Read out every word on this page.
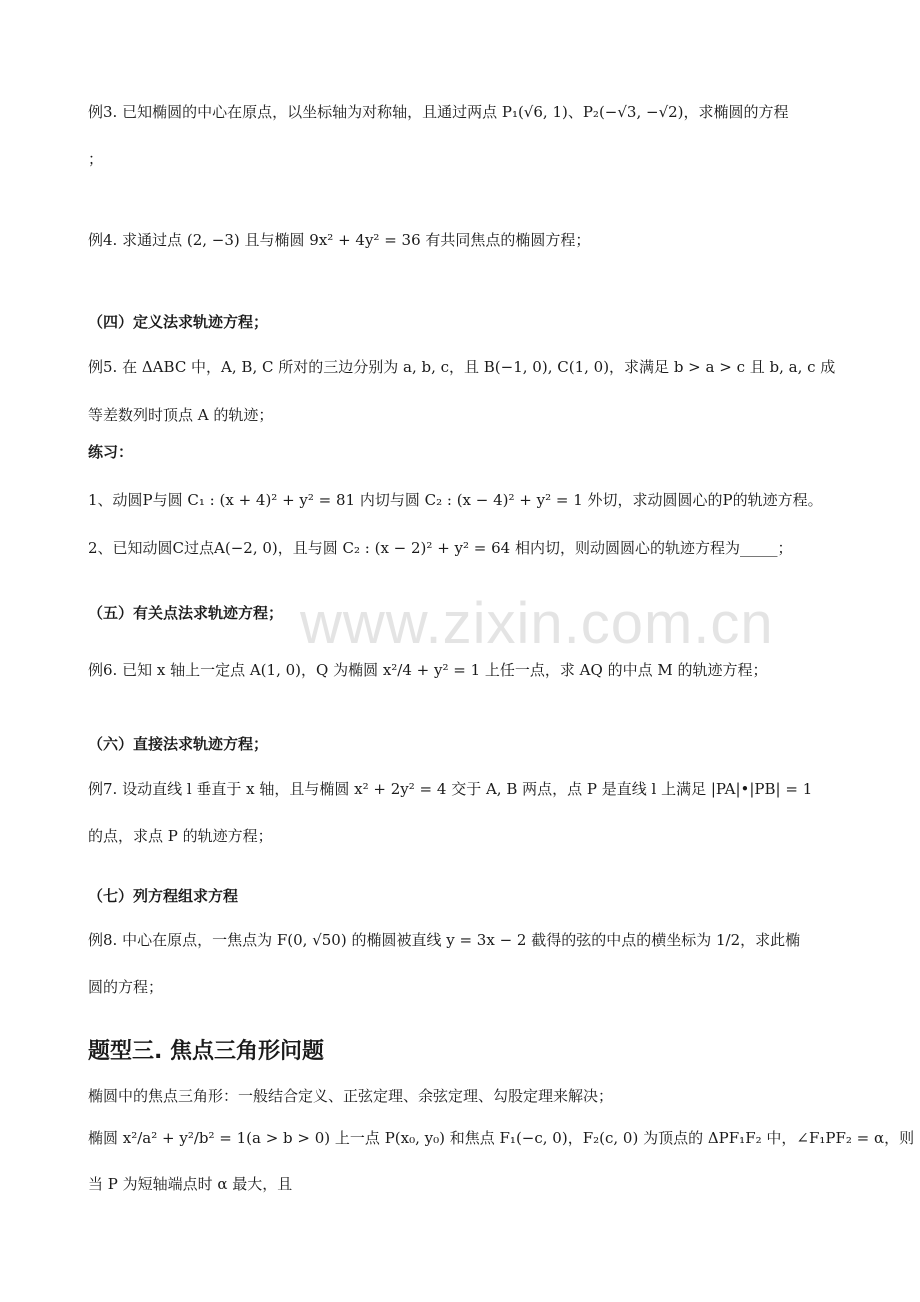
www.zixin.com.cn
例3. 已知椭圆的中心在原点，以坐标轴为对称轴，且通过两点 P₁(√6, 1)、P₂(−√3, −√2)，求椭圆的方程
；
例4. 求通过点 (2, −3) 且与椭圆 9x² + 4y² = 36 有共同焦点的椭圆方程；
（四）定义法求轨迹方程；
例5. 在 ΔABC 中，A, B, C 所对的三边分别为 a, b, c，且 B(−1, 0), C(1, 0)，求满足 b > a > c 且 b, a, c 成
等差数列时顶点 A 的轨迹；
练习：
1、动圆P与圆 C₁ : (x + 4)² + y² = 81 内切与圆 C₂ : (x − 4)² + y² = 1 外切，求动圆圆心的P的轨迹方程。
2、已知动圆C过点A(−2, 0)，且与圆 C₂ : (x − 2)² + y² = 64 相内切，则动圆圆心的轨迹方程为_____；
（五）有关点法求轨迹方程；
例6. 已知 x 轴上一定点 A(1, 0)，Q 为椭圆 x²/4 + y² = 1 上任一点，求 AQ 的中点 M 的轨迹方程；
（六）直接法求轨迹方程；
例7. 设动直线 l 垂直于 x 轴，且与椭圆 x² + 2y² = 4 交于 A, B 两点，点 P 是直线 l 上满足 |PA|•|PB| = 1
的点，求点 P 的轨迹方程；
（七）列方程组求方程
例8. 中心在原点，一焦点为 F(0, √50) 的椭圆被直线 y = 3x − 2 截得的弦的中点的横坐标为 1/2，求此椭
圆的方程；
题型三. 焦点三角形问题
椭圆中的焦点三角形：一般结合定义、正弦定理、余弦定理、勾股定理来解决；
椭圆 x²/a² + y²/b² = 1(a > b > 0) 上一点 P(x₀, y₀) 和焦点 F₁(−c, 0)，F₂(c, 0) 为顶点的 ΔPF₁F₂ 中，∠F₁PF₂ = α，则
当 P 为短轴端点时 α 最大，且
